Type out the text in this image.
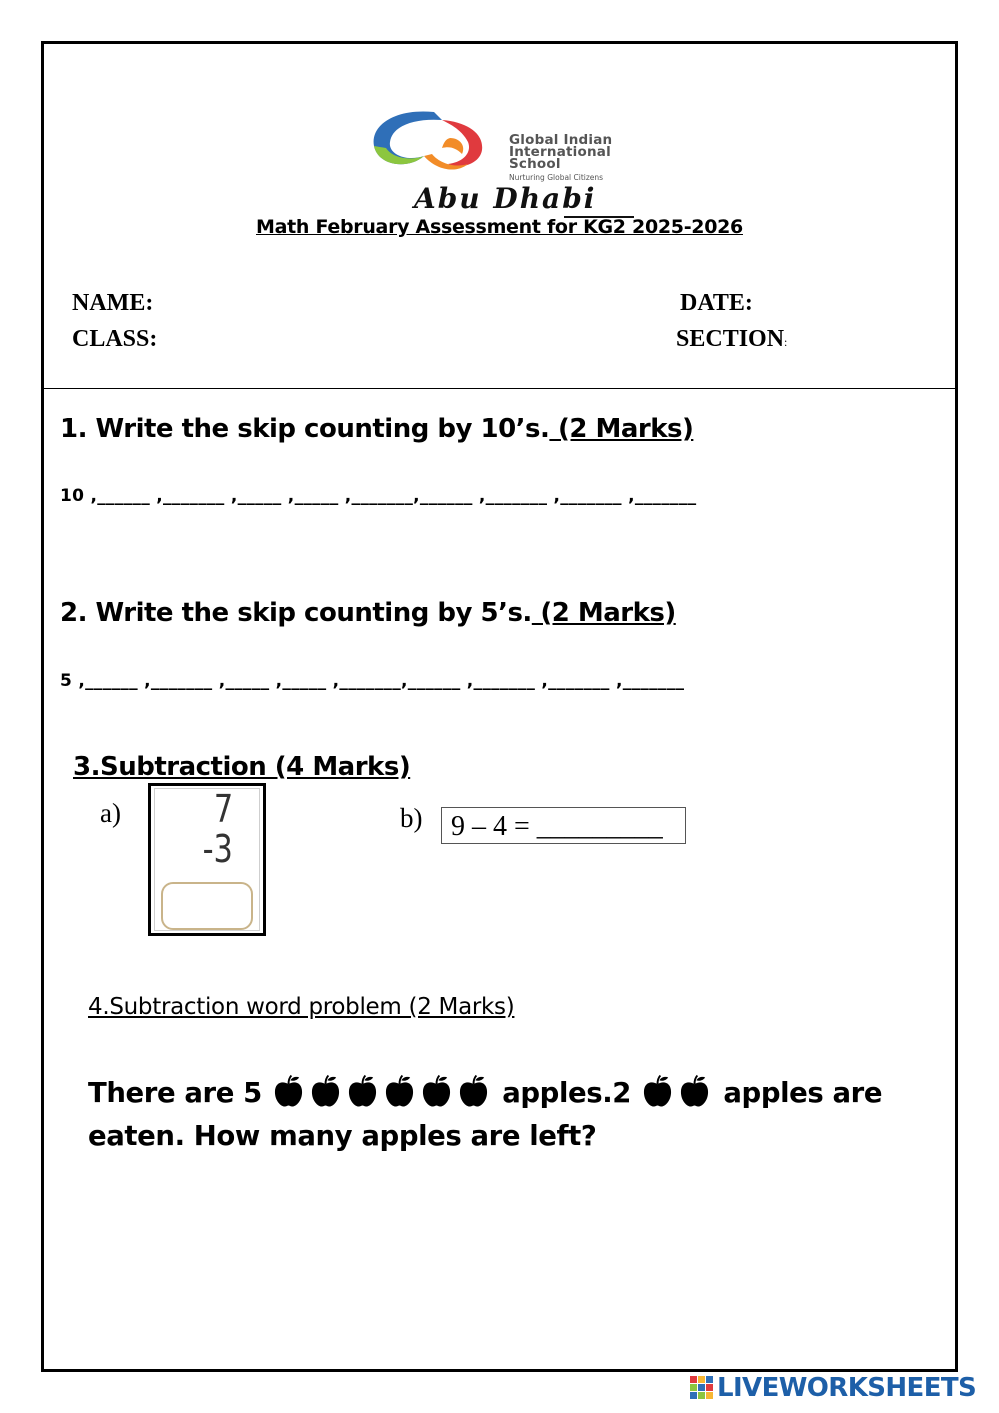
Global Indian
International
School
Nurturing Global Citizens
Abu Dhabi
Math February Assessment for KG2 2025-2026
NAME:	DATE:
CLASS:	SECTION:
1. Write the skip counting by 10’s. (2 Marks)
10 ,______ ,_______ ,_____ ,_____ ,_______,______ ,_______ ,_______ ,_______
2. Write the skip counting by 5’s. (2 Marks)
5 ,______ ,_______ ,_____ ,_____ ,_______,______ ,_______ ,_______ ,_______
3.Subtraction (4 Marks)
a) 7
-3
b)	9 – 4 = _________
4.Subtraction word problem (2 Marks)
There are 5	apples.2	apples are eaten. How many apples are left?
LIVEWORKSHEETS
